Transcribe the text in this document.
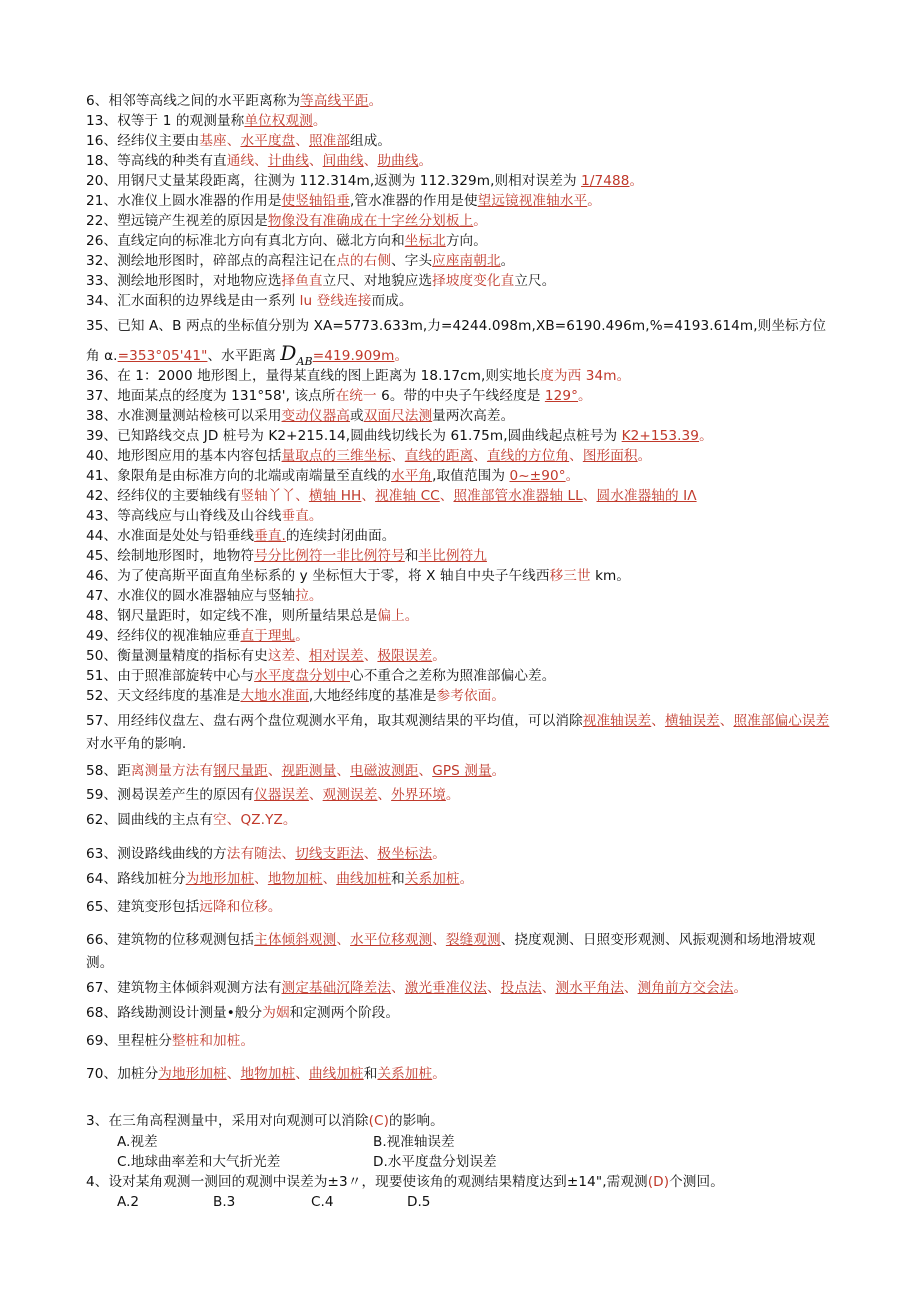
6、相邻等高线之间的水平距离称为等高线平距。
13、权等于 1 的观测量称单位权观测。
16、经纬仪主要由基座、水平度盘、照准部组成。
18、等高线的种类有直通线、计曲线、间曲线、助曲线。
20、用钢尺丈量某段距离，往测为 112.314m,返测为 112.329m,则相对误差为 1/7488。
21、水准仪上圆水准器的作用是使竖轴铅垂,管水准器的作用是使望远镜视准轴水平。
22、塑远镜产生视差的原因是物像没有准确成在十字丝分划板上。
26、直线定向的标准北方向有真北方向、磁北方向和坐标北方向。
32、测绘地形图时，碎部点的高程注记在点的右侧、字头应座南朝北。
33、测绘地形图时，对地物应选择鱼直立尺、对地貌应选择坡度变化直立尺。
34、汇水面积的边界线是由一系列 lu 登线连接而成。
35、已知 A、B 两点的坐标值分别为 XA=5773.633m,力=4244.098m,XB=6190.496m,%=4193.614m,则坐标方位
36、在 1：2000 地形图上，量得某直线的图上距离为 18.17cm,则实地长度为西 34m。
37、地面某点的经度为 131°58', 该点所在统一 6。带的中央子午线经度是 129°。
38、水准测量测站检核可以采用变动仪器高或双面尺法测量两次高差。
39、已知路线交点 JD 桩号为 K2+215.14,圆曲线切线长为 61.75m,圆曲线起点桩号为 K2+153.39。
40、地形图应用的基本内容包括量取点的三维坐标、直线的距离、直线的方位角、图形面积。
41、象限角是由标准方向的北端或南端量至直线的水平角,取值范围为 0~±90°。
42、经纬仪的主要轴线有竖轴丫丫、横轴 HH、视准轴 CC、照准部管水准器轴 LL、圆水准器轴的 IΛ
43、等高线应与山脊线及山谷线垂直。
44、水准面是处处与铅垂线垂直.的连续封闭曲面。
45、绘制地形图时，地物符号分比例符一非比例符号和半比例符九
46、为了使高斯平面直角坐标系的 y 坐标恒大于零，将 X 轴自中央子午线西移三世 km。
47、水准仪的圆水准器轴应与竖轴拉。
48、钢尺量距时，如定线不准，则所量结果总是偏上。
49、经纬仪的视准轴应垂直于理虬。
50、衡量测量精度的指标有史这差、相对误差、极限误差。
51、由于照准部旋转中心与水平度盘分划中心不重合之差称为照准部偏心差。
52、天文经纬度的基准是大地水准面,大地经纬度的基准是参考依面。
角 α.=353°05'41"、水平距离 $D_{AB}=419.909m$。
57、用经纬仪盘左、盘右两个盘位观测水平角，取其观测结果的平均值，可以消除视准轴误差、横轴误差、照准部偏心误差对水平角的影响.
58、距离测量方法有钢尺量距、视距测量、电磁波测距、GPS 测量。
59、测曷误差产生的原因有仪器误差、观测误差、外界环境。
62、圆曲线的主点有空、QZ.YZ。
63、测设路线曲线的方法有随法、切线支距法、极坐标法。
64、路线加桩分为地形加桩、地物加桩、曲线加桩和关系加桩。
65、建筑变形包括远降和位移。
66、建筑物的位移观测包括主体倾斜观测、水平位移观测、裂缝观测、挠度观测、日照变形观测、风振观测和场地滑坡观测。
67、建筑物主体倾斜观测方法有测定基础沉降差法、激光垂准仪法、投点法、测水平角法、测角前方交会法。
68、路线勘测设计测量•般分为姻和定测两个阶段。
69、里程桩分整桩和加桩。
70、加桩分为地形加桩、地物加桩、曲线加桩和关系加桩。
3、在三角高程测量中，采用对向观测可以消除(C)的影响。
A.视差	B.视准轴误差
C.地球曲率差和大气折光差	D.水平度盘分划误差
4、设对某角观测一测回的观测中误差为±3〃，现要使该角的观测结果精度达到±14",需观测(D)个测回。
A.2	B.3	C.4	D.5
